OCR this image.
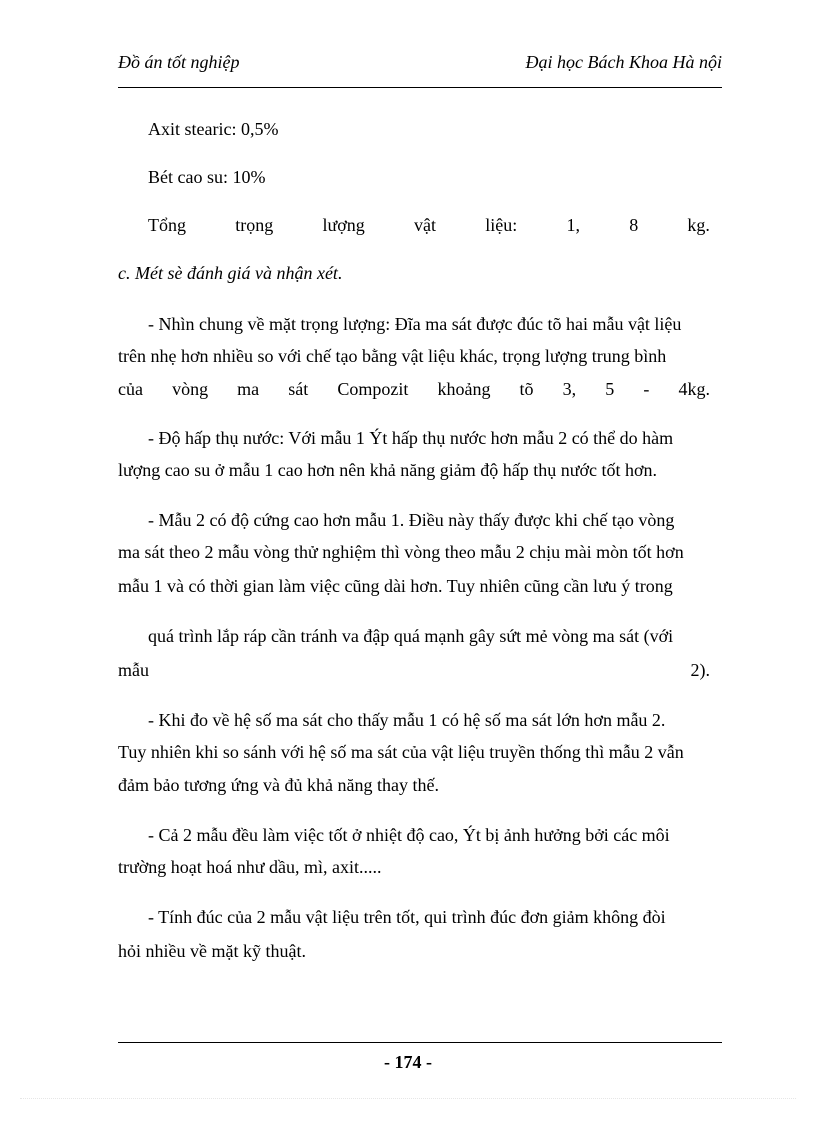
Đồ án tốt nghiệp	Đại học Bách Khoa Hà nội
Axit stearic: 0,5%
Bét cao su: 10%
Tổng	trọng	lượng	vật	liệu:	1,	8	kg.
c. Mét sè đánh giá và nhận xét.
- Nhìn chung về mặt trọng lượng: Đĩa ma sát được đúc tõ hai mẫu vật liệu
trên nhẹ hơn nhiều so với chế tạo bằng vật liệu khác, trọng lượng trung bình
của vòng ma sát Compozit khoảng tõ 3, 5 - 4kg.
- Độ hấp thụ nước: Với mẫu 1 Ýt hấp thụ nước hơn mẫu 2 có thể do hàm
lượng cao su ở mẫu 1 cao hơn nên khả năng giảm độ hấp thụ nước tốt hơn.
- Mẫu 2 có độ cứng cao hơn mẫu 1. Điều này thấy được khi chế tạo vòng
ma sát theo 2 mẫu vòng thử nghiệm thì vòng theo mẫu 2 chịu mài mòn tốt hơn
mẫu 1 và có thời gian làm việc cũng dài hơn. Tuy nhiên cũng cần lưu ý trong
quá trình lắp ráp cần tránh va đập quá mạnh gây sứt mẻ vòng ma sát (với
mẫu	2).
- Khi đo về hệ số ma sát cho thấy mẫu 1 có hệ số ma sát lớn hơn mẫu 2.
Tuy nhiên khi so sánh với hệ số ma sát của vật liệu truyền thống thì mẫu 2 vẫn
đảm bảo tương ứng và đủ khả năng thay thế.
- Cả 2 mẫu đều làm việc tốt ở nhiệt độ cao, Ýt bị ảnh hưởng bởi các môi
trường hoạt hoá như dầu, mì, axit.....
- Tính đúc của 2 mẫu vật liệu trên tốt, qui trình đúc đơn giảm không đòi
hỏi nhiều về mặt kỹ thuật.
- 174 -
